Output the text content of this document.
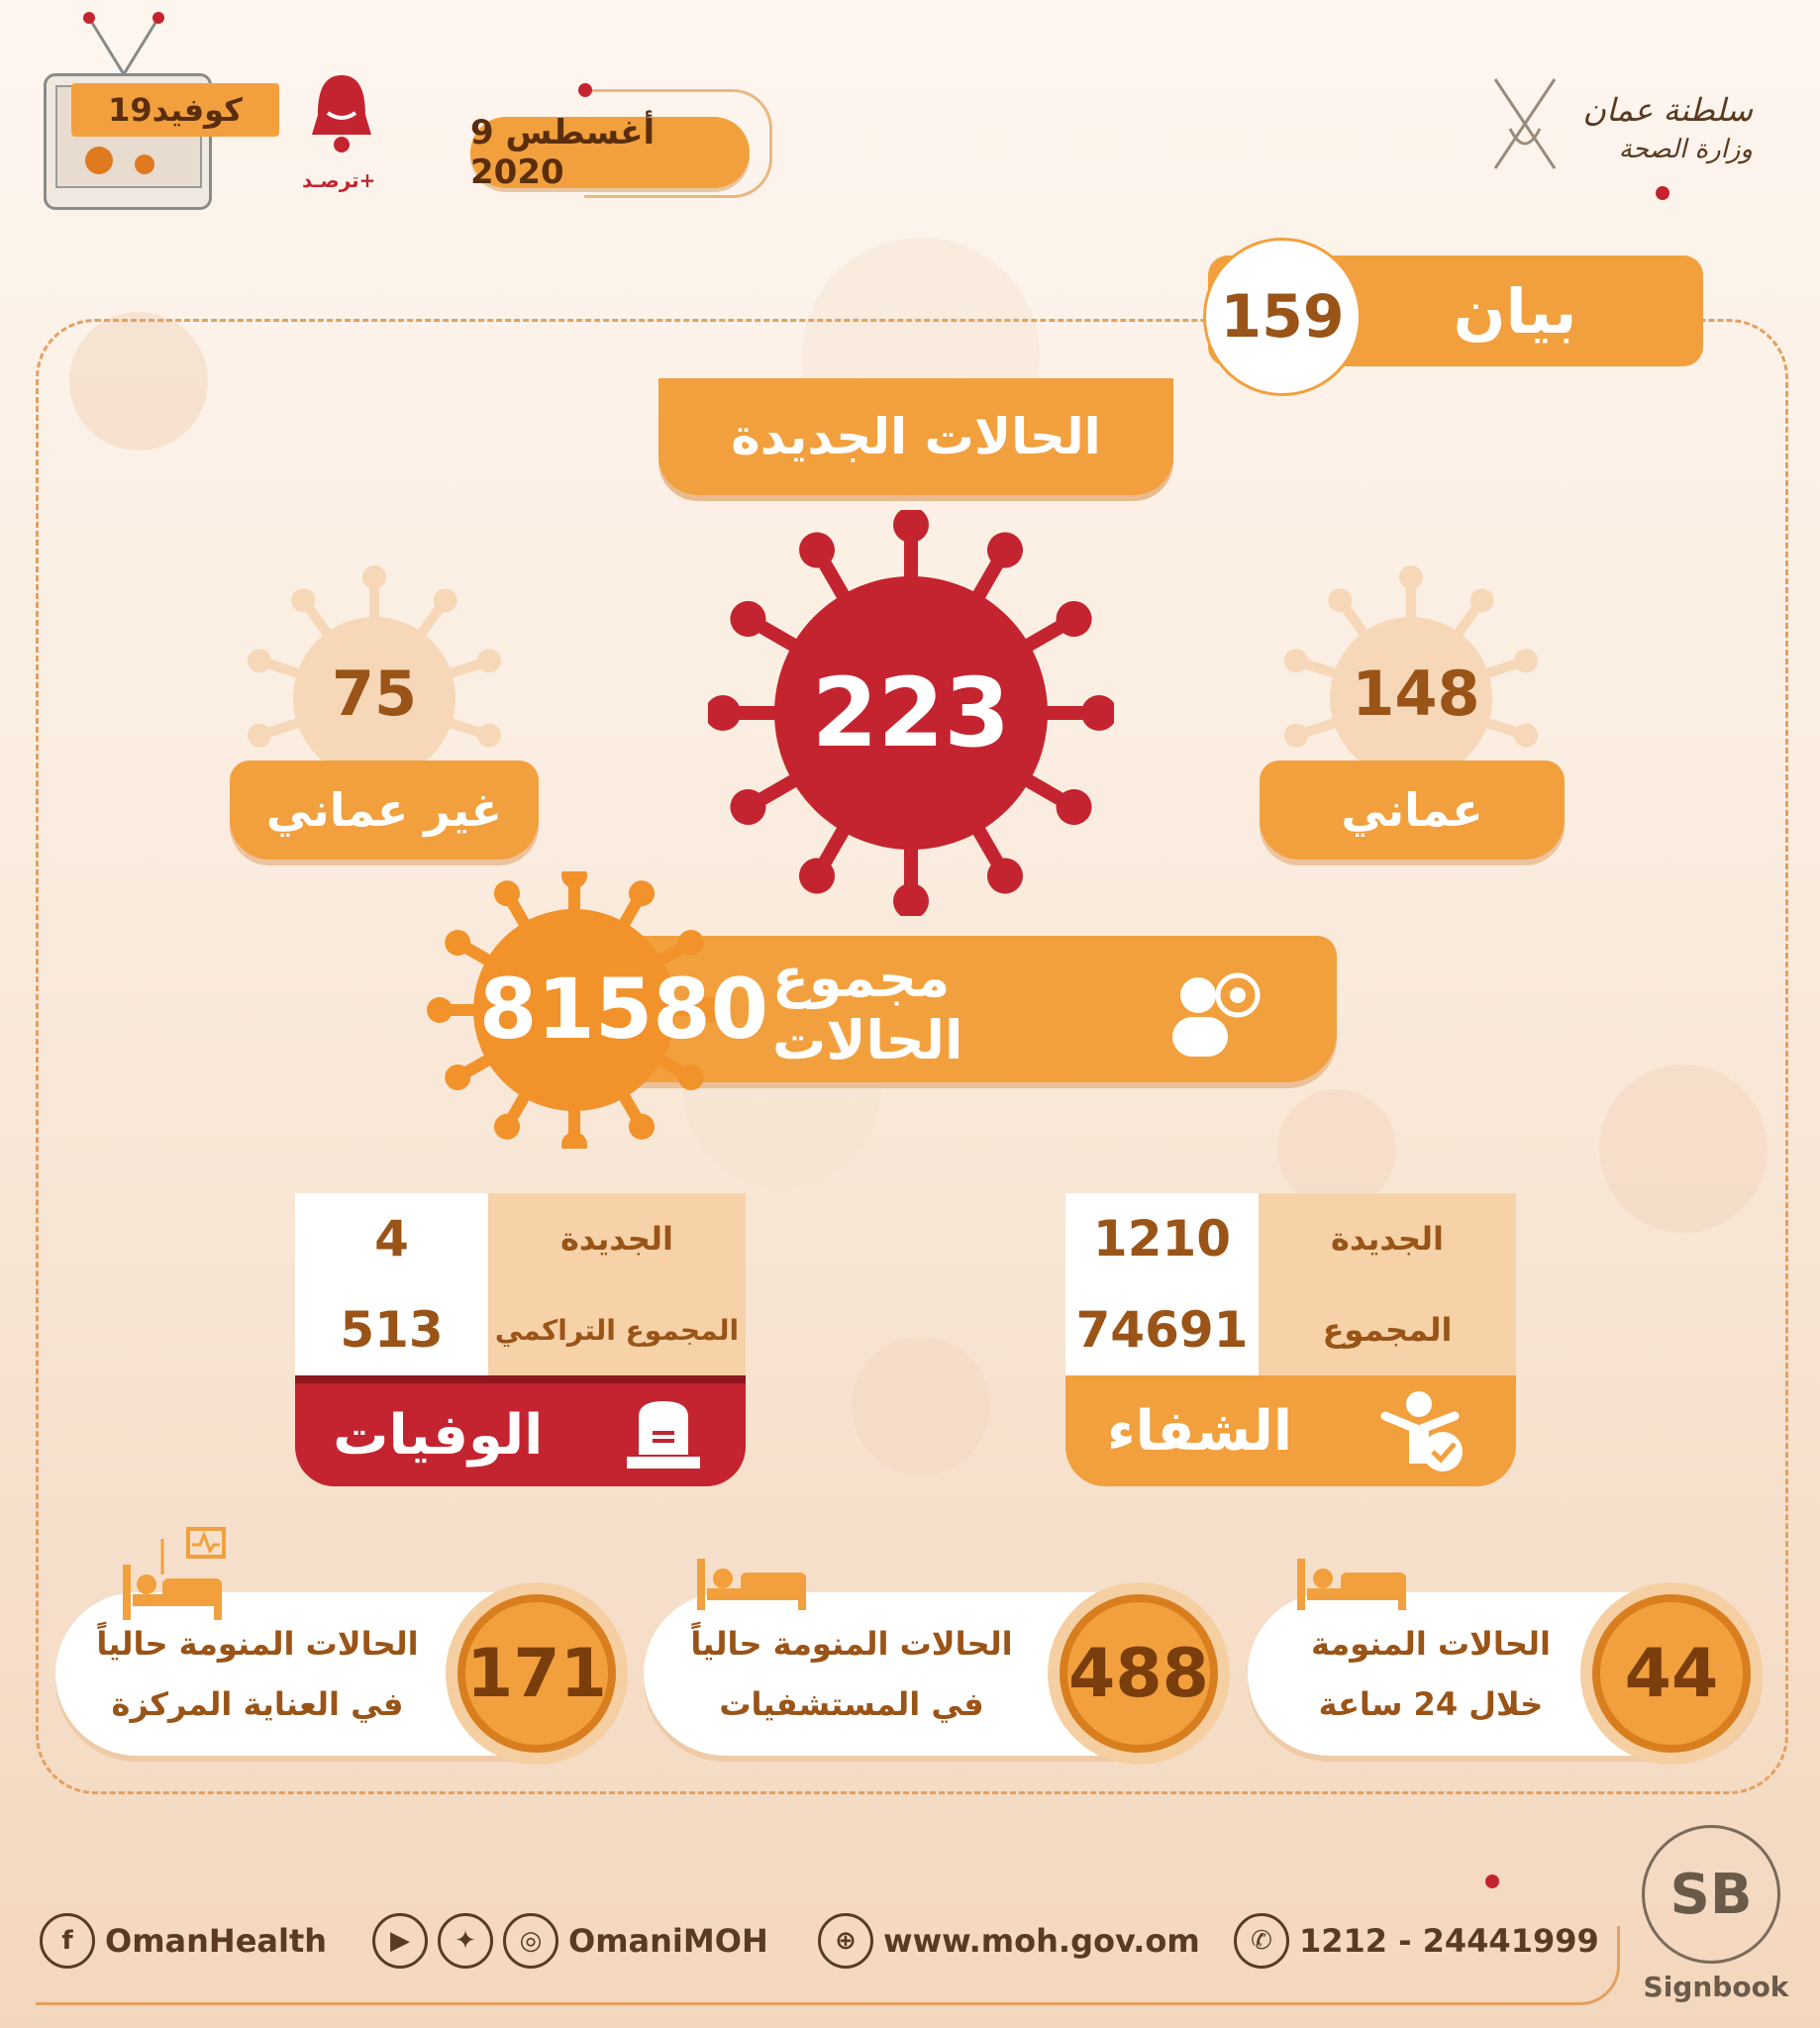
كوفيد19
ترصـد+
9 أغسطس 2020
سلطنة عمان
وزارة الصحة
بيان
159
الحالات الجديدة
223	148
عماني
75
غير عماني
81580 مجموع الحالات
1210	الجديدة
74691	المجموع
الشفاء
4	الجديدة
513	المجموع التراكمي
الوفيات
الحالات المنومة
خلال 24 ساعة	44
الحالات المنومة حالياً
في المستشفيات 488
الحالات المنومة حالياً
في العناية المركزة 171
f	OmanHealth	▶	✦	◎ OmaniMOH	⊕ www.moh.gov.om	✆ 1212 - 24441999
SB
Signbook
